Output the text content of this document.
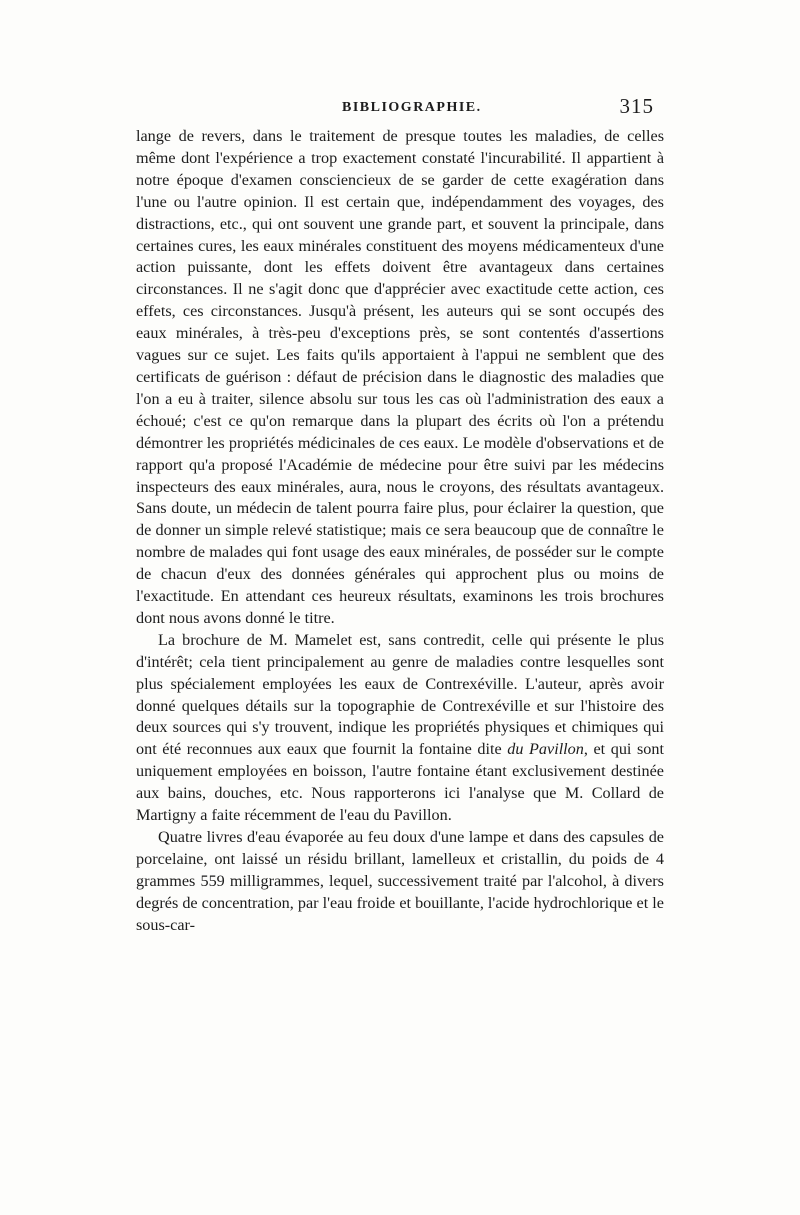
BIBLIOGRAPHIE.	315

lange de revers, dans le traitement de presque toutes les maladies, de celles même dont l'expérience a trop exactement constaté l'incurabilité. Il appartient à notre époque d'examen consciencieux de se garder de cette exagération dans l'une ou l'autre opinion. Il est certain que, indépendamment des voyages, des distractions, etc., qui ont souvent une grande part, et souvent la principale, dans certaines cures, les eaux minérales constituent des moyens médicamenteux d'une action puissante, dont les effets doivent être avantageux dans certaines circonstances. Il ne s'agit donc que d'apprécier avec exactitude cette action, ces effets, ces circonstances. Jusqu'à présent, les auteurs qui se sont occupés des eaux minérales, à très-peu d'exceptions près, se sont contentés d'assertions vagues sur ce sujet. Les faits qu'ils apportaient à l'appui ne semblent que des certificats de guérison : défaut de précision dans le diagnostic des maladies que l'on a eu à traiter, silence absolu sur tous les cas où l'administration des eaux a échoué; c'est ce qu'on remarque dans la plupart des écrits où l'on a prétendu démontrer les propriétés médicinales de ces eaux. Le modèle d'observations et de rapport qu'a proposé l'Académie de médecine pour être suivi par les médecins inspecteurs des eaux minérales, aura, nous le croyons, des résultats avantageux. Sans doute, un médecin de talent pourra faire plus, pour éclairer la question, que de donner un simple relevé statistique; mais ce sera beaucoup que de connaître le nombre de malades qui font usage des eaux minérales, de posséder sur le compte de chacun d'eux des données générales qui approchent plus ou moins de l'exactitude. En attendant ces heureux résultats, examinons les trois brochures dont nous avons donné le titre.

La brochure de M. Mamelet est, sans contredit, celle qui présente le plus d'intérêt; cela tient principalement au genre de maladies contre lesquelles sont plus spécialement employées les eaux de Contrexéville. L'auteur, après avoir donné quelques détails sur la topographie de Contrexéville et sur l'histoire des deux sources qui s'y trouvent, indique les propriétés physiques et chimiques qui ont été reconnues aux eaux que fournit la fontaine dite du Pavillon, et qui sont uniquement employées en boisson, l'autre fontaine étant exclusivement destinée aux bains, douches, etc. Nous rapporterons ici l'analyse que M. Collard de Martigny a faite récemment de l'eau du Pavillon.

Quatre livres d'eau évaporée au feu doux d'une lampe et dans des capsules de porcelaine, ont laissé un résidu brillant, lamelleux et cristallin, du poids de 4 grammes 559 milligrammes, lequel, successivement traité par l'alcohol, à divers degrés de concentration, par l'eau froide et bouillante, l'acide hydrochlorique et le sous-car-
